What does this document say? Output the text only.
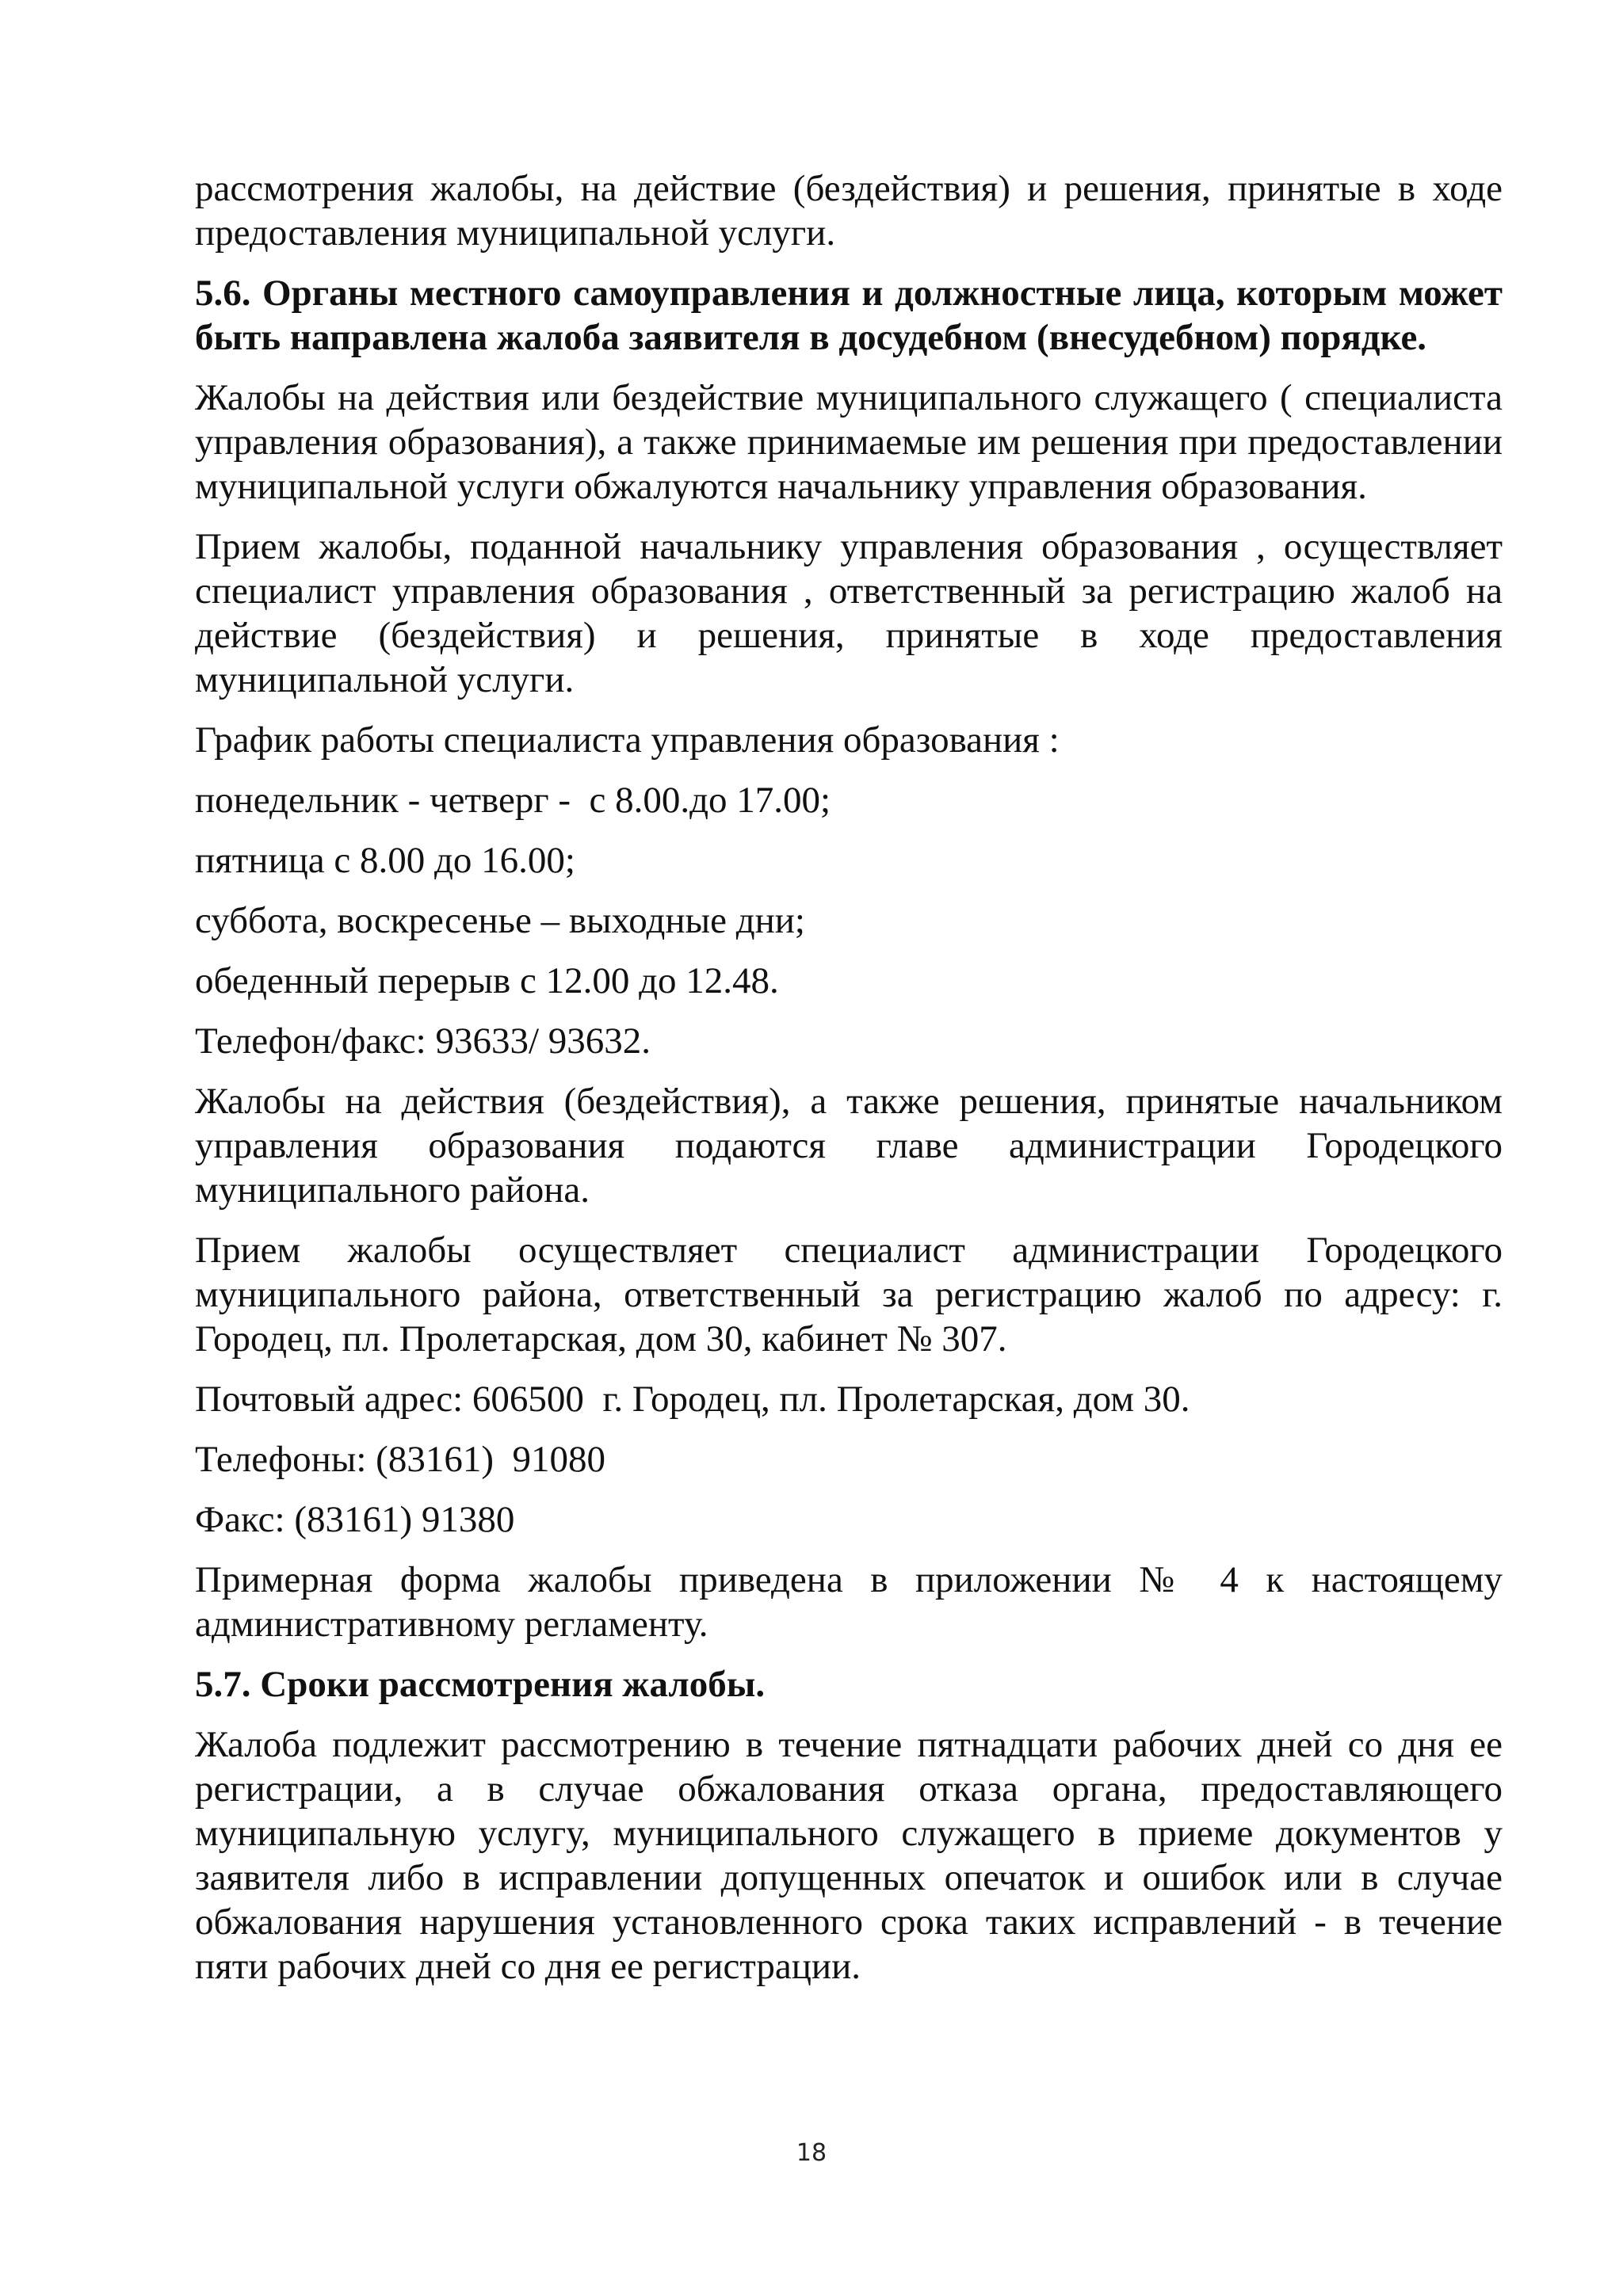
рассмотрения жалобы, на действие (бездействия) и решения, принятые в ходе предоставления муниципальной услуги.

5.6. Органы местного самоуправления и должностные лица, которым может быть направлена жалоба заявителя в досудебном (внесудебном) порядке.

Жалобы на действия или бездействие муниципального служащего ( специалиста управления образования), а также принимаемые им решения при предоставлении муниципальной услуги обжалуются начальнику управления образования.

Прием жалобы, поданной начальнику управления образования , осуществляет специалист управления образования , ответственный за регистрацию жалоб на действие (бездействия) и решения, принятые в ходе предоставления муниципальной услуги.

График работы специалиста управления образования :

понедельник - четверг -  с 8.00.до 17.00;

пятница с 8.00 до 16.00;

суббота, воскресенье – выходные дни;

обеденный перерыв с 12.00 до 12.48.

Телефон/факс: 93633/ 93632.

Жалобы на действия (бездействия), а также решения, принятые начальником управления образования подаются главе администрации Городецкого муниципального района.

Прием жалобы осуществляет специалист администрации Городецкого муниципального района, ответственный за регистрацию жалоб по адресу: г. Городец, пл. Пролетарская, дом 30, кабинет № 307.

Почтовый адрес: 606500  г. Городец, пл. Пролетарская, дом 30.

Телефоны: (83161)  91080

Факс: (83161) 91380

Примерная форма жалобы приведена в приложении № 4 к настоящему административному регламенту.

5.7. Сроки рассмотрения жалобы.

Жалоба подлежит рассмотрению в течение пятнадцати рабочих дней со дня ее регистрации, а в случае обжалования отказа органа, предоставляющего муниципальную услугу, муниципального служащего в приеме документов у заявителя либо в исправлении допущенных опечаток и ошибок или в случае обжалования нарушения установленного срока таких исправлений - в течение пяти рабочих дней со дня ее регистрации.

18
